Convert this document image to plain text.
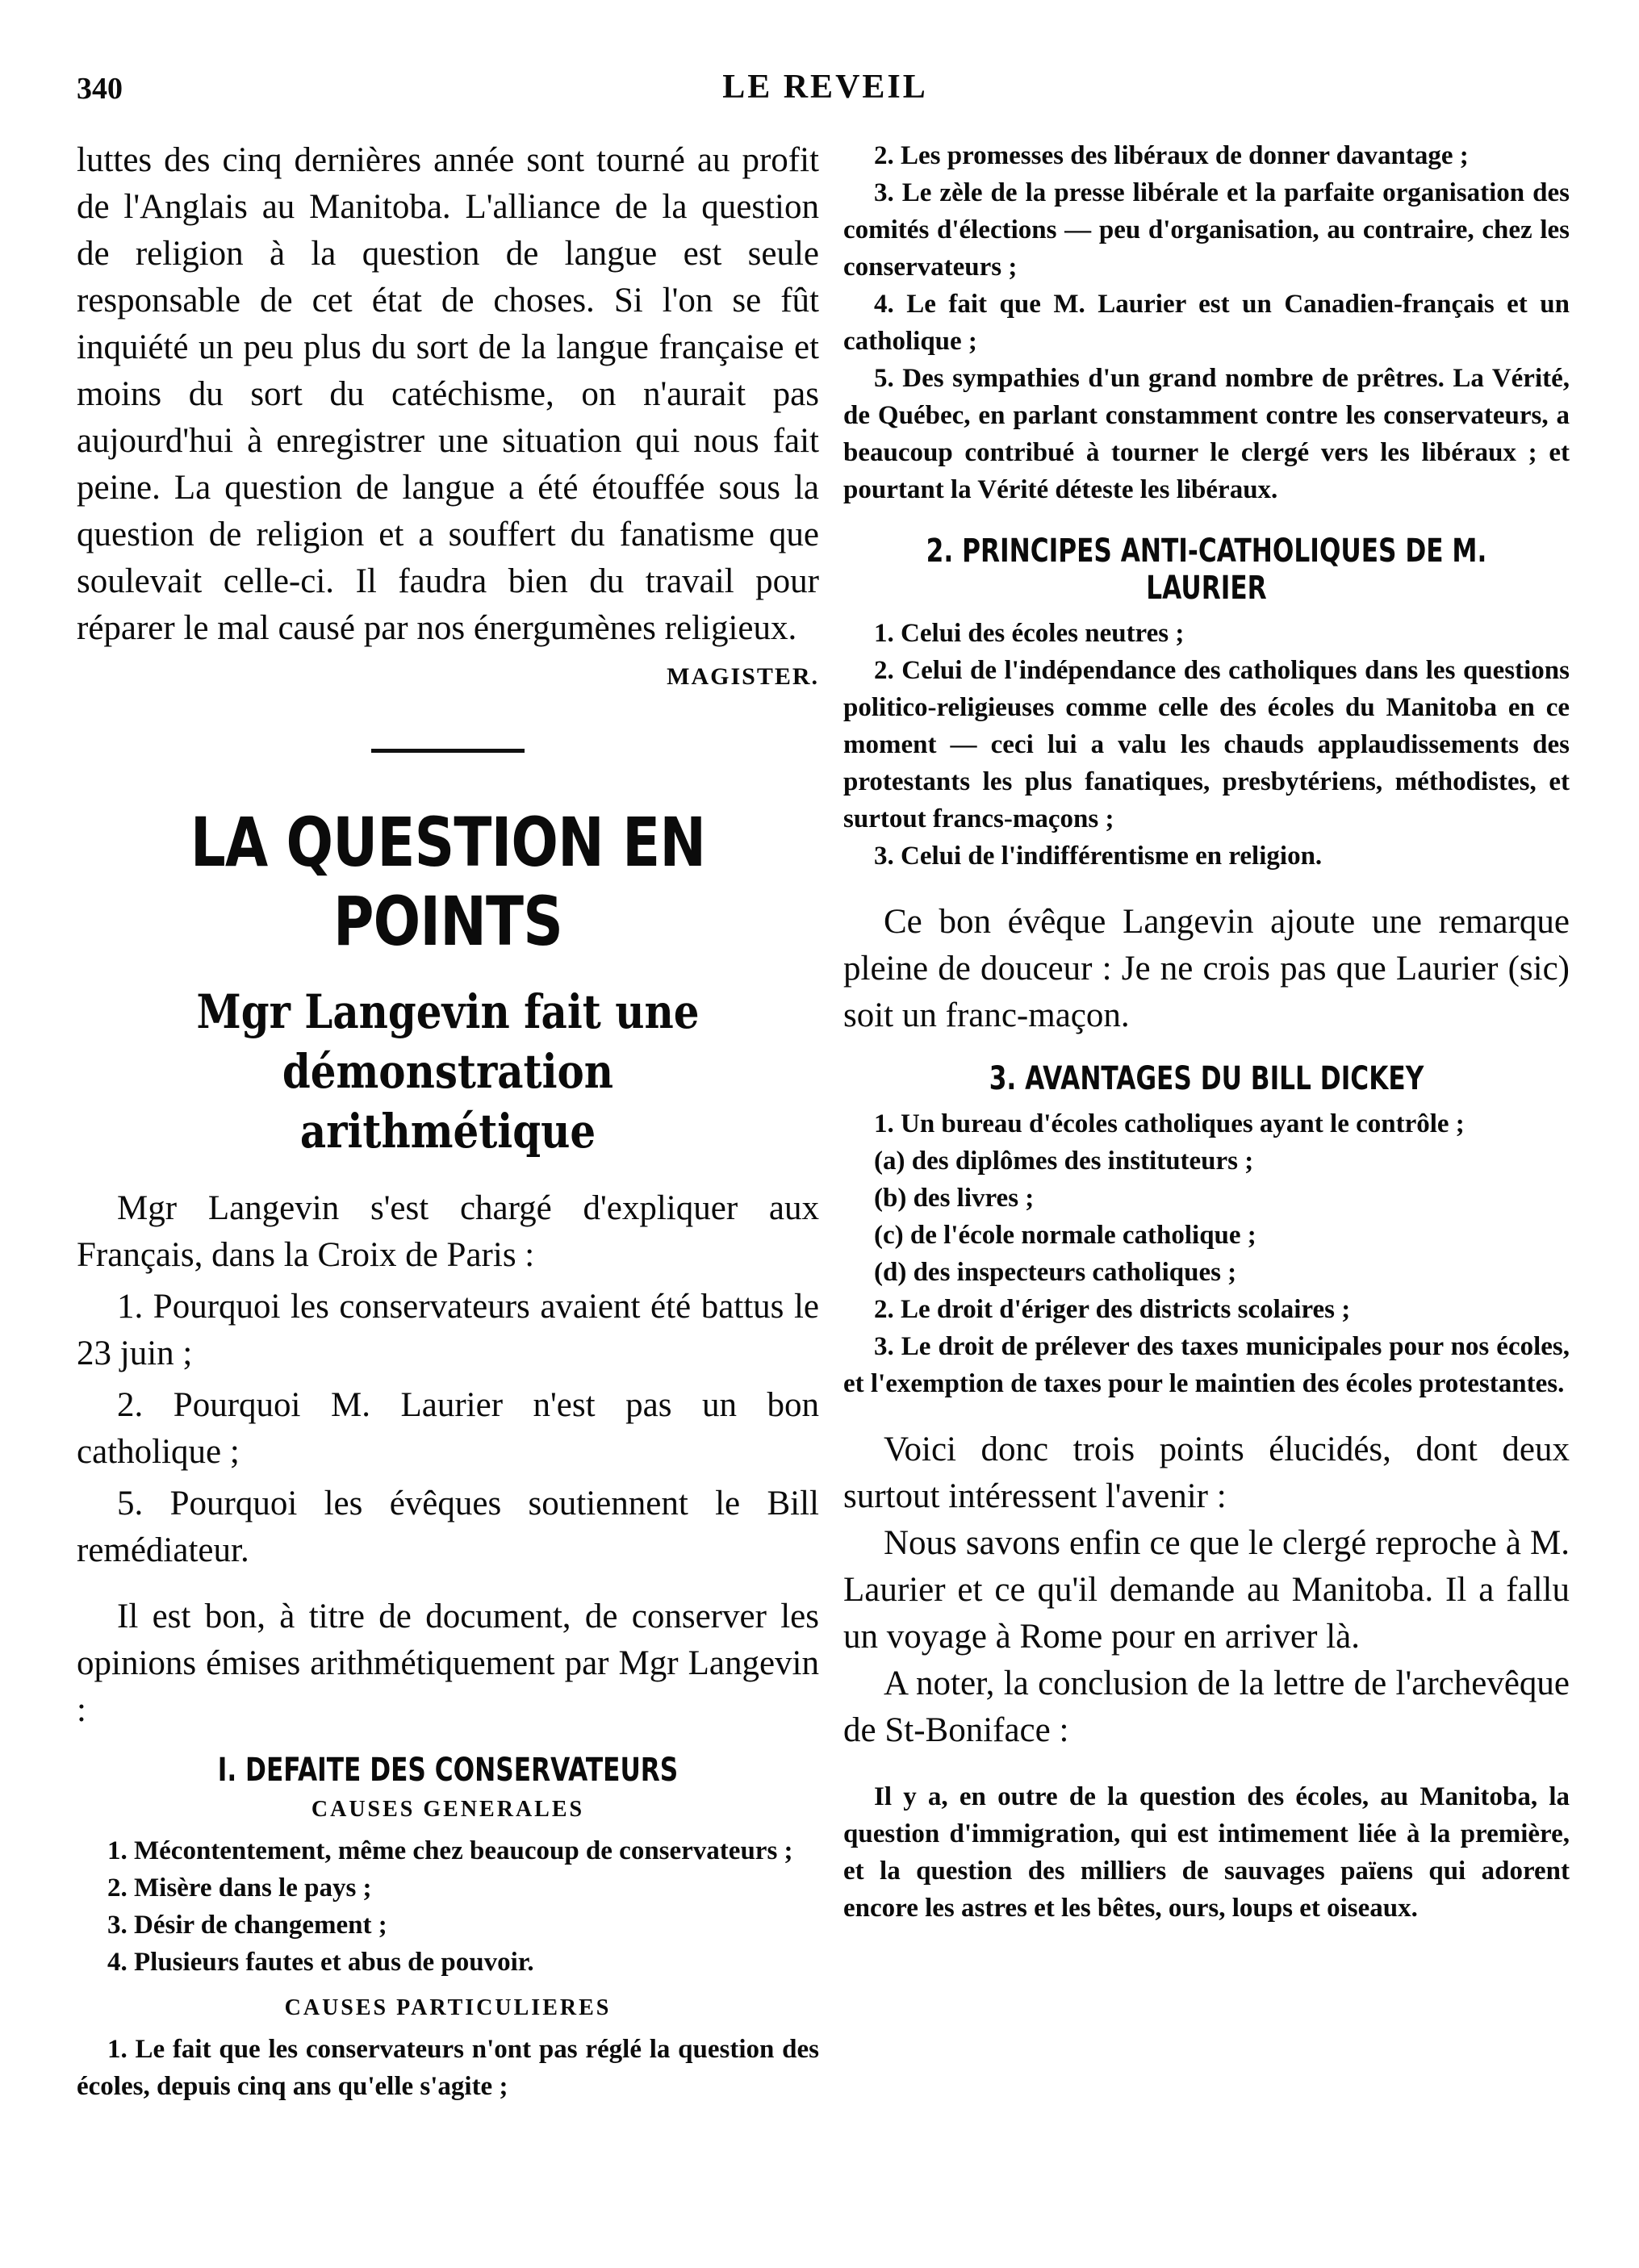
340	LE REVEIL

luttes des cinq dernières année sont tourné au profit de l'Anglais au Manitoba. L'alliance de la question de religion à la question de langue est seule responsable de cet état de choses. Si l'on se fût inquiété un peu plus du sort de la langue française et moins du sort du catéchisme, on n'aurait pas aujourd'hui à enregistrer une situation qui nous fait peine. La question de langue a été étouffée sous la question de religion et a souffert du fanatisme que soulevait celle-ci. Il faudra bien du travail pour réparer le mal causé par nos énergumènes religieux.

MAGISTER.
LA QUESTION EN POINTS
Mgr Langevin fait une démonstration arithmétique

Mgr Langevin s'est chargé d'expliquer aux Français, dans la Croix de Paris :

1. Pourquoi les conservateurs avaient été battus le 23 juin ;

2. Pourquoi M. Laurier n'est pas un bon catholique ;

5. Pourquoi les évêques soutiennent le Bill remédiateur.

Il est bon, à titre de document, de conserver les opinions émises arithmétiquement par Mgr Langevin :

I. DEFAITE DES CONSERVATEURS
CAUSES GENERALES

1. Mécontentement, même chez beaucoup de conservateurs ;

2. Misère dans le pays ;

3. Désir de changement ;

4. Plusieurs fautes et abus de pouvoir.

CAUSES PARTICULIERES

1. Le fait que les conservateurs n'ont pas réglé la question des écoles, depuis cinq ans qu'elle s'agite ;

2. Les promesses des libéraux de donner davantage ;

3. Le zèle de la presse libérale et la parfaite organisation des comités d'élections — peu d'organisation, au contraire, chez les conservateurs ;

4. Le fait que M. Laurier est un Canadien-français et un catholique ;

5. Des sympathies d'un grand nombre de prêtres. La Vérité, de Québec, en parlant constamment contre les conservateurs, a beaucoup contribué à tourner le clergé vers les libéraux ; et pourtant la Vérité déteste les libéraux.

2. PRINCIPES ANTI-CATHOLIQUES DE M. LAURIER

1. Celui des écoles neutres ;

2. Celui de l'indépendance des catholiques dans les questions politico-religieuses comme celle des écoles du Manitoba en ce moment — ceci lui a valu les chauds applaudissements des protestants les plus fanatiques, presbytériens, méthodistes, et surtout francs-maçons ;

3. Celui de l'indifférentisme en religion.

Ce bon évêque Langevin ajoute une remarque pleine de douceur : Je ne crois pas que Laurier (sic) soit un franc-maçon.

3. AVANTAGES DU BILL DICKEY

1. Un bureau d'écoles catholiques ayant le contrôle ;

(a) des diplômes des instituteurs ;

(b) des livres ;

(c) de l'école normale catholique ;

(d) des inspecteurs catholiques ;

2. Le droit d'ériger des districts scolaires ;

3. Le droit de prélever des taxes municipales pour nos écoles, et l'exemption de taxes pour le maintien des écoles protestantes.

Voici donc trois points élucidés, dont deux surtout intéressent l'avenir :

Nous savons enfin ce que le clergé reproche à M. Laurier et ce qu'il demande au Manitoba. Il a fallu un voyage à Rome pour en arriver là.

A noter, la conclusion de la lettre de l'archevêque de St-Boniface :

Il y a, en outre de la question des écoles, au Manitoba, la question d'immigration, qui est intimement liée à la première, et la question des milliers de sauvages païens qui adorent encore les astres et les bêtes, ours, loups et oiseaux.
